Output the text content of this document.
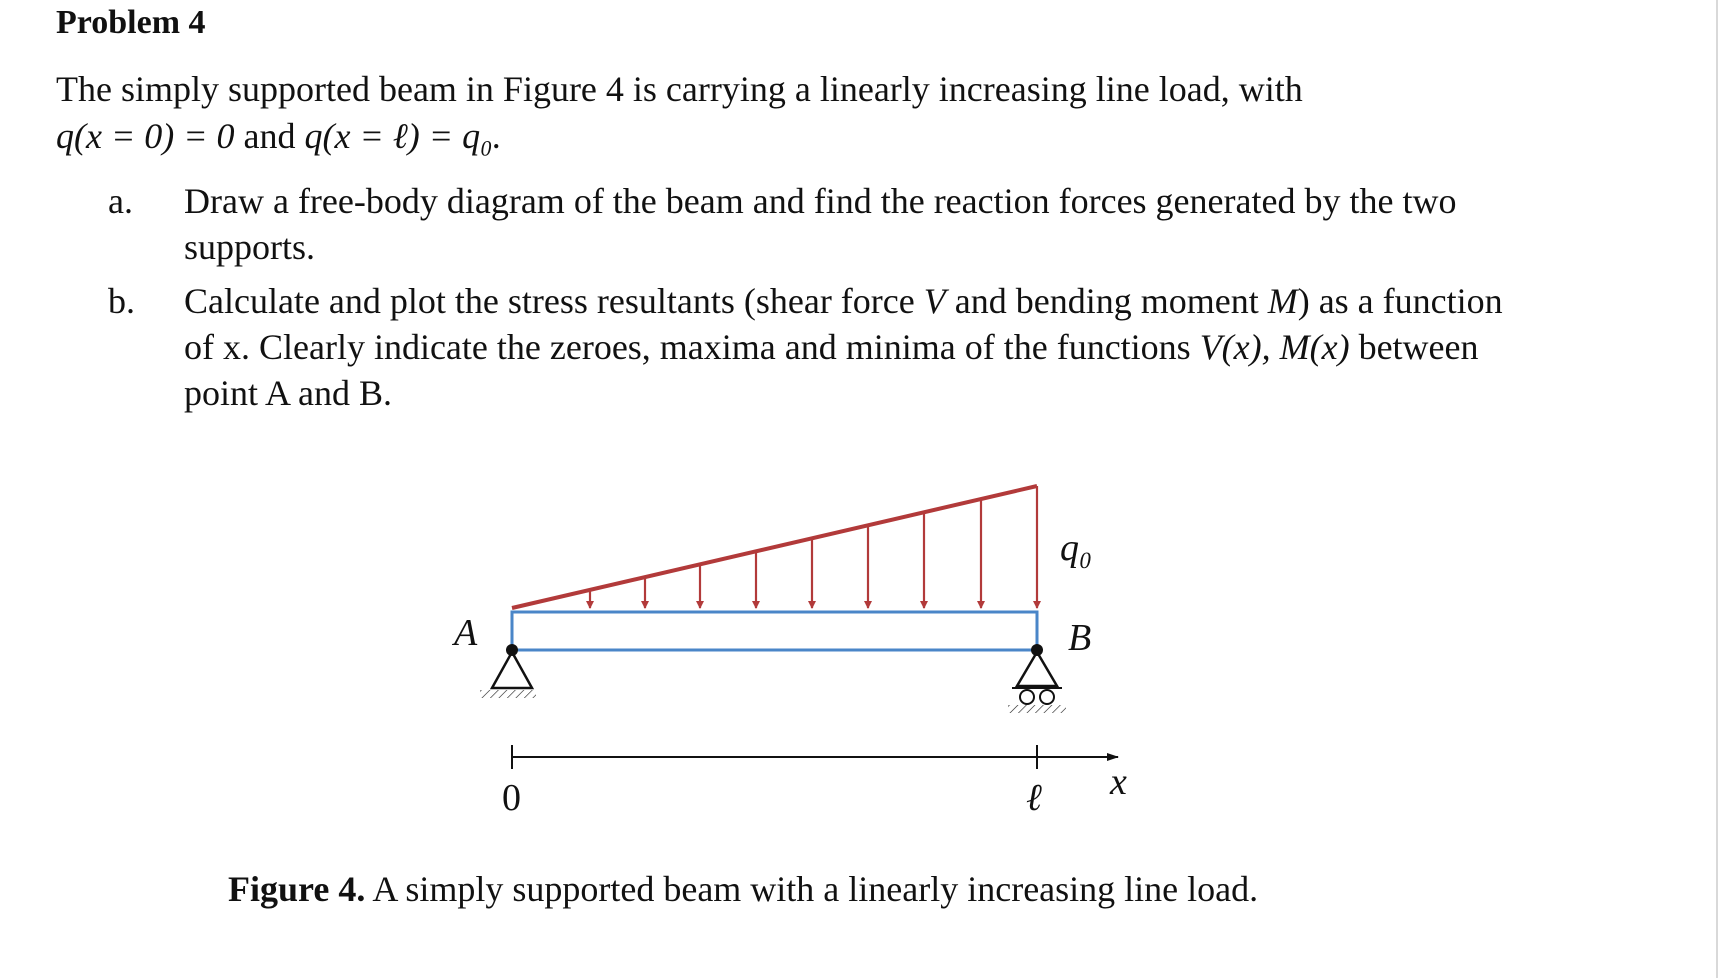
Problem 4
The simply supported beam in Figure 4 is carrying a linearly increasing line load, with
q(x = 0) = 0 and q(x = ℓ) = q₀.
a. Draw a free-body diagram of the beam and find the reaction forces generated by the two supports.
b. Calculate and plot the stress resultants (shear force V and bending moment M) as a function of x. Clearly indicate the zeroes, maxima and minima of the functions V(x), M(x) between point A and B.
q₀
A	B
0	ℓ x
Figure 4. A simply supported beam with a linearly increasing line load.
